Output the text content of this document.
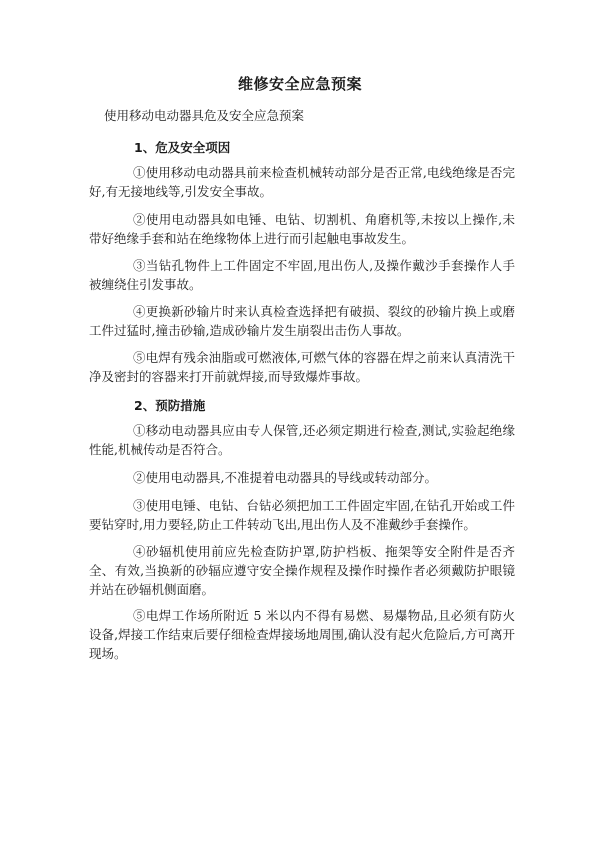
维修安全应急预案

使用移动电动器具危及安全应急预案

1、危及安全项因

①使用移动电动器具前来检查机械转动部分是否正常,电线绝缘是否完好,有无接地线等,引发安全事故。

②使用电动器具如电锤、电钻、切割机、角磨机等,未按以上操作,未带好绝缘手套和站在绝缘物体上进行而引起触电事故发生。

③当钻孔物件上工件固定不牢固,甩出伤人,及操作戴沙手套操作人手被缠绕住引发事故。

④更换新砂输片时来认真检查选择把有破损、裂纹的砂输片换上或磨工件过猛时,撞击砂输,造成砂输片发生崩裂出击伤人事故。

⑤电焊有残余油脂或可燃液体,可燃气体的容器在焊之前来认真清洗干净及密封的容器来打开前就焊接,而导致爆炸事故。

2、预防措施

①移动电动器具应由专人保管,还必须定期进行检查,测试,实验起绝缘性能,机械传动是否符合。

②使用电动器具,不准提着电动器具的导线或转动部分。

③使用电锤、电钻、台钻必须把加工工件固定牢固,在钻孔开始或工件要钻穿时,用力要轻,防止工件转动飞出,甩出伤人及不准戴纱手套操作。

④砂辐机使用前应先检查防护罩,防护档板、拖架等安全附件是否齐全、有效,当换新的砂辐应遵守安全操作规程及操作时操作者必须戴防护眼镜并站在砂辐机侧面磨。

⑤电焊工作场所附近 5 米以内不得有易燃、易爆物品,且必须有防火设备,焊接工作结束后要仔细检查焊接场地周围,确认没有起火危险后,方可离开现场。
